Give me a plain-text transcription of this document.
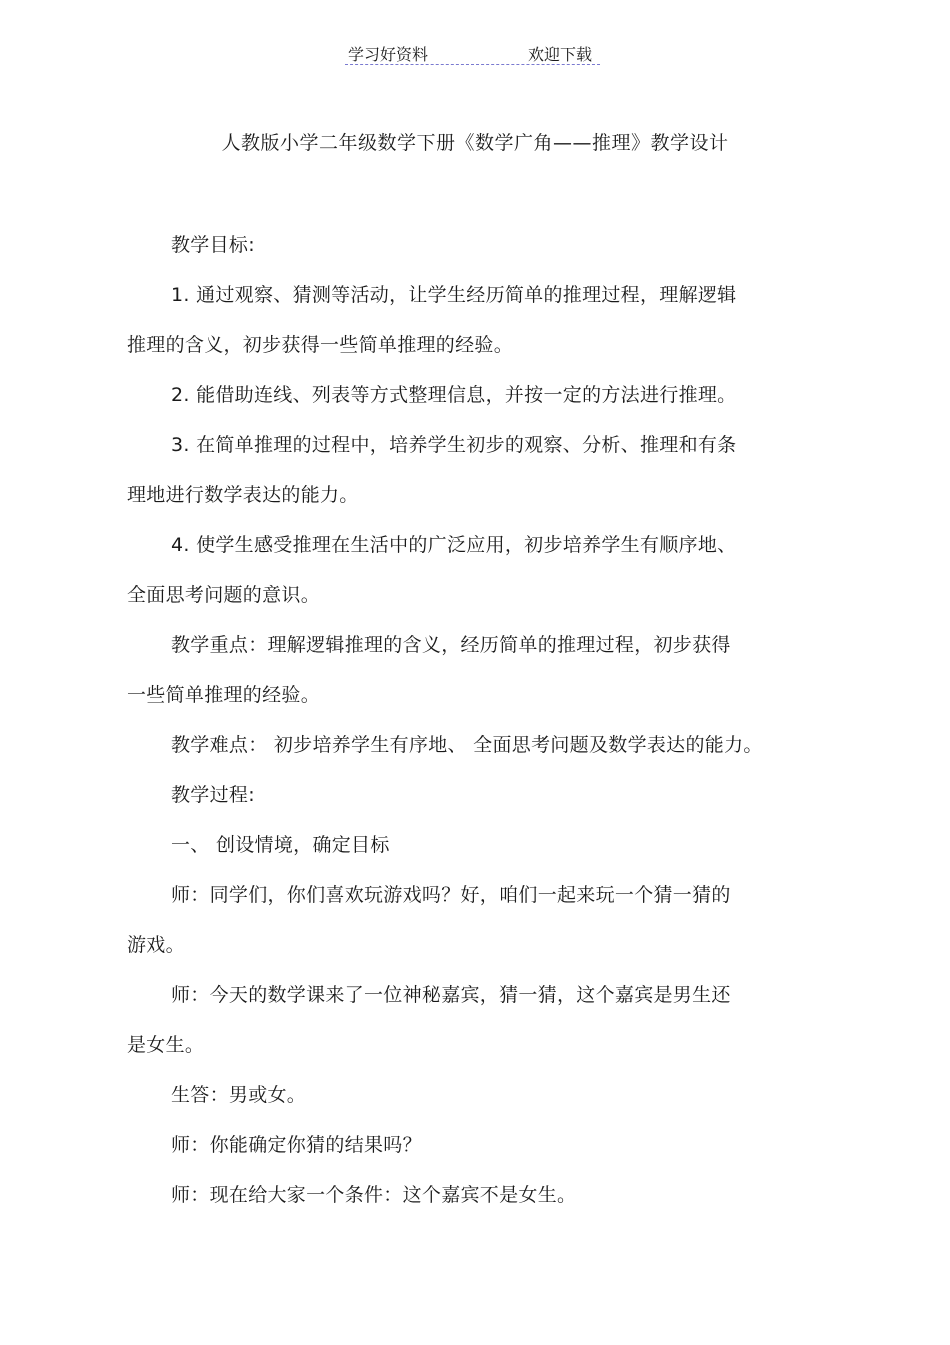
学习好资料	欢迎下载
人教版小学二年级数学下册《数学广角——推理》教学设计
教学目标:
1. 通过观察、猜测等活动，让学生经历简单的推理过程，理解逻辑
推理的含义，初步获得一些简单推理的经验。
2. 能借助连线、列表等方式整理信息，并按一定的方法进行推理。
3. 在简单推理的过程中，培养学生初步的观察、分析、推理和有条
理地进行数学表达的能力。
4. 使学生感受推理在生活中的广泛应用，初步培养学生有顺序地、
全面思考问题的意识。
教学重点：理解逻辑推理的含义，经历简单的推理过程，初步获得
一些简单推理的经验。
教学难点： 初步培养学生有序地、 全面思考问题及数学表达的能力。
教学过程:
一、 创设情境，确定目标
师：同学们，你们喜欢玩游戏吗？好，咱们一起来玩一个猜一猜的
游戏。
师：今天的数学课来了一位神秘嘉宾，猜一猜，这个嘉宾是男生还
是女生。
生答：男或女。
师：你能确定你猜的结果吗？
师：现在给大家一个条件：这个嘉宾不是女生。
